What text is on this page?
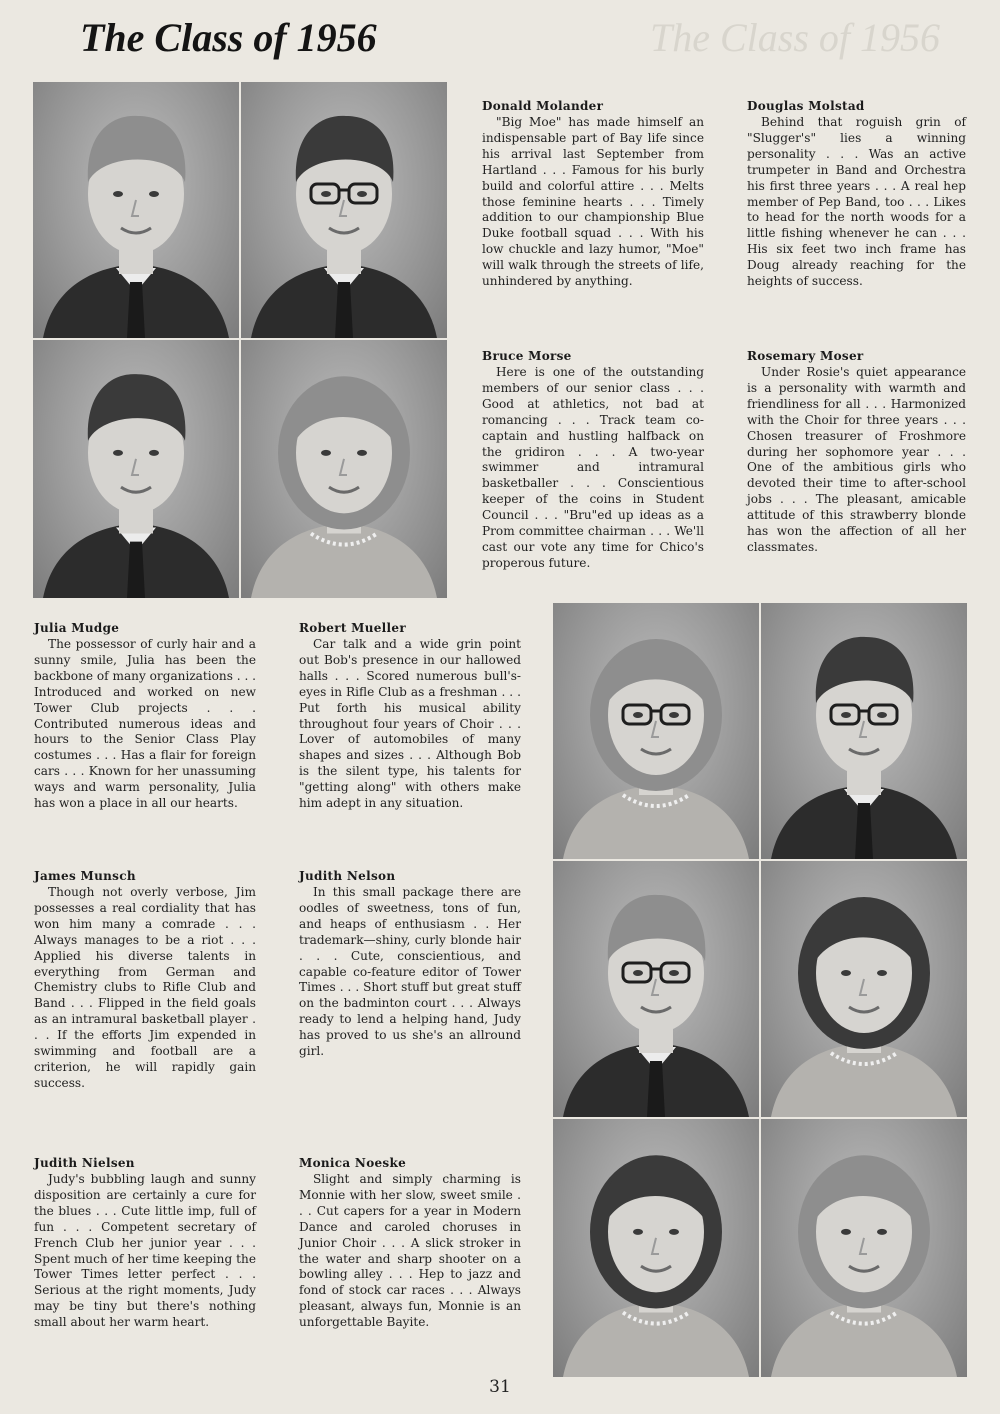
The Class of 1956	The Class of 1956
Donald Molander

"Big Moe" has made himself an indispensable part of Bay life since his arrival last September from Hartland . . . Famous for his burly build and colorful attire . . . Melts those feminine hearts . . . Timely addition to our championship Blue Duke football squad . . . With his low chuckle and lazy humor, "Moe" will walk through the streets of life, unhindered by anything.

Douglas Molstad

Behind that roguish grin of "Slugger's" lies a winning personality . . . Was an active trumpeter in Band and Orchestra his first three years . . . A real hep member of Pep Band, too . . . Likes to head for the north woods for a little fishing whenever he can . . . His six feet two inch frame has Doug already reaching for the heights of success.

Bruce Morse

Here is one of the outstanding members of our senior class . . . Good at athletics, not bad at romancing . . . Track team co-captain and hustling halfback on the gridiron . . . A two-year swimmer and intramural basketballer . . . Conscientious keeper of the coins in Student Council . . . "Bru"ed up ideas as a Prom committee chairman . . . We'll cast our vote any time for Chico's properous future.

Rosemary Moser

Under Rosie's quiet appearance is a personality with warmth and friendliness for all . . . Harmonized with the Choir for three years . . . Chosen treasurer of Froshmore during her sophomore year . . . One of the ambitious girls who devoted their time to after-school jobs . . . The pleasant, amicable attitude of this strawberry blonde has won the affection of all her classmates.

Julia Mudge

The possessor of curly hair and a sunny smile, Julia has been the backbone of many organizations . . . Introduced and worked on new Tower Club projects . . . Contributed numerous ideas and hours to the Senior Class Play costumes . . . Has a flair for foreign cars . . . Known for her unassuming ways and warm personality, Julia has won a place in all our hearts.

Robert Mueller

Car talk and a wide grin point out Bob's presence in our hallowed halls . . . Scored numerous bull's-eyes in Rifle Club as a freshman . . . Put forth his musical ability throughout four years of Choir . . . Lover of automobiles of many shapes and sizes . . . Although Bob is the silent type, his talents for "getting along" with others make him adept in any situation.

James Munsch

Though not overly verbose, Jim possesses a real cordiality that has won him many a comrade . . . Always manages to be a riot . . . Applied his diverse talents in everything from German and Chemistry clubs to Rifle Club and Band . . . Flipped in the field goals as an intramural basketball player . . . If the efforts Jim expended in swimming and football are a criterion, he will rapidly gain success.

Judith Nelson

In this small package there are oodles of sweetness, tons of fun, and heaps of enthusiasm . . Her trademark—shiny, curly blonde hair . . . Cute, conscientious, and capable co-feature editor of Tower Times . . . Short stuff but great stuff on the badminton court . . . Always ready to lend a helping hand, Judy has proved to us she's an allround girl.

Judith Nielsen

Judy's bubbling laugh and sunny disposition are certainly a cure for the blues . . . Cute little imp, full of fun . . . Competent secretary of French Club her junior year . . . Spent much of her time keeping the Tower Times letter perfect . . . Serious at the right moments, Judy may be tiny but there's nothing small about her warm heart.

Monica Noeske

Slight and simply charming is Monnie with her slow, sweet smile . . . Cut capers for a year in Modern Dance and caroled choruses in Junior Choir . . . A slick stroker in the water and sharp shooter on a bowling alley . . . Hep to jazz and fond of stock car races . . . Always pleasant, always fun, Monnie is an unforgettable Bayite.

31
